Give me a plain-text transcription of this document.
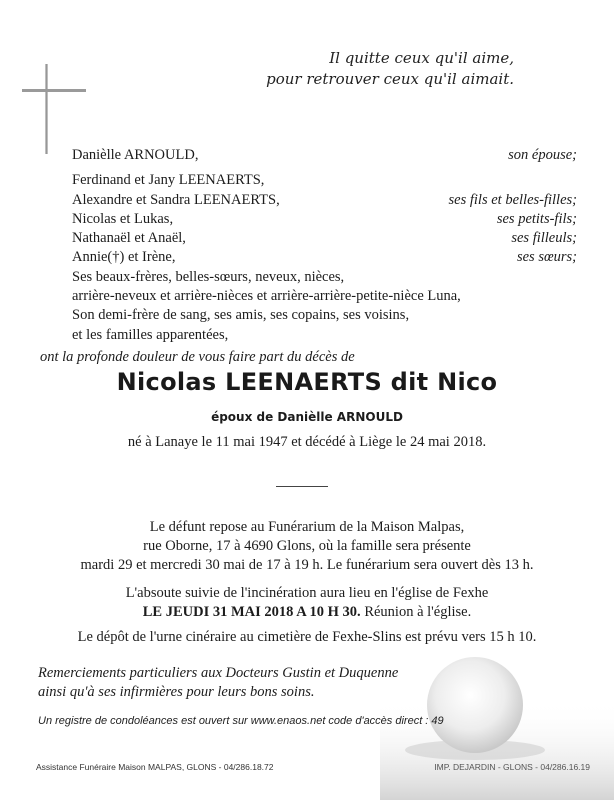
Il quitte ceux qu'il aime,
pour retrouver ceux qu'il aimait.
Danièlle ARNOULD,	son épouse;
Ferdinand et Jany LEENAERTS,
Alexandre et Sandra LEENAERTS,	ses fils et belles-filles;
Nicolas et Lukas,	ses petits-fils;
Nathanaël et Anaël,	ses filleuls;
Annie(†) et Irène,	ses sœurs;
Ses beaux-frères, belles-sœurs, neveux, nièces,
arrière-neveux et arrière-nièces et arrière-arrière-petite-nièce Luna,
Son demi-frère de sang, ses amis, ses copains, ses voisins,
et les familles apparentées,
ont la profonde douleur de vous faire part du décès de
Nicolas LEENAERTS dit Nico
époux de Danièlle ARNOULD
né à Lanaye le 11 mai 1947 et décédé à Liège le 24 mai 2018.
Le défunt repose au Funérarium de la Maison Malpas,
rue Oborne, 17 à 4690 Glons, où la famille sera présente
mardi 29 et mercredi 30 mai de 17 à 19 h. Le funérarium sera ouvert dès 13 h.
L'absoute suivie de l'incinération aura lieu en l'église de Fexhe
LE JEUDI 31 MAI 2018 A 10 H 30. Réunion à l'église.
Le dépôt de l'urne cinéraire au cimetière de Fexhe-Slins est prévu vers 15 h 10.
Remerciements particuliers aux Docteurs Gustin et Duquenne
ainsi qu'à ses infirmières pour leurs bons soins.
Un registre de condoléances est ouvert sur www.enaos.net code d'accès direct : 49
Assistance Funéraire Maison MALPAS, GLONS - 04/286.18.72	IMP. DEJARDIN - GLONS - 04/286.16.19
